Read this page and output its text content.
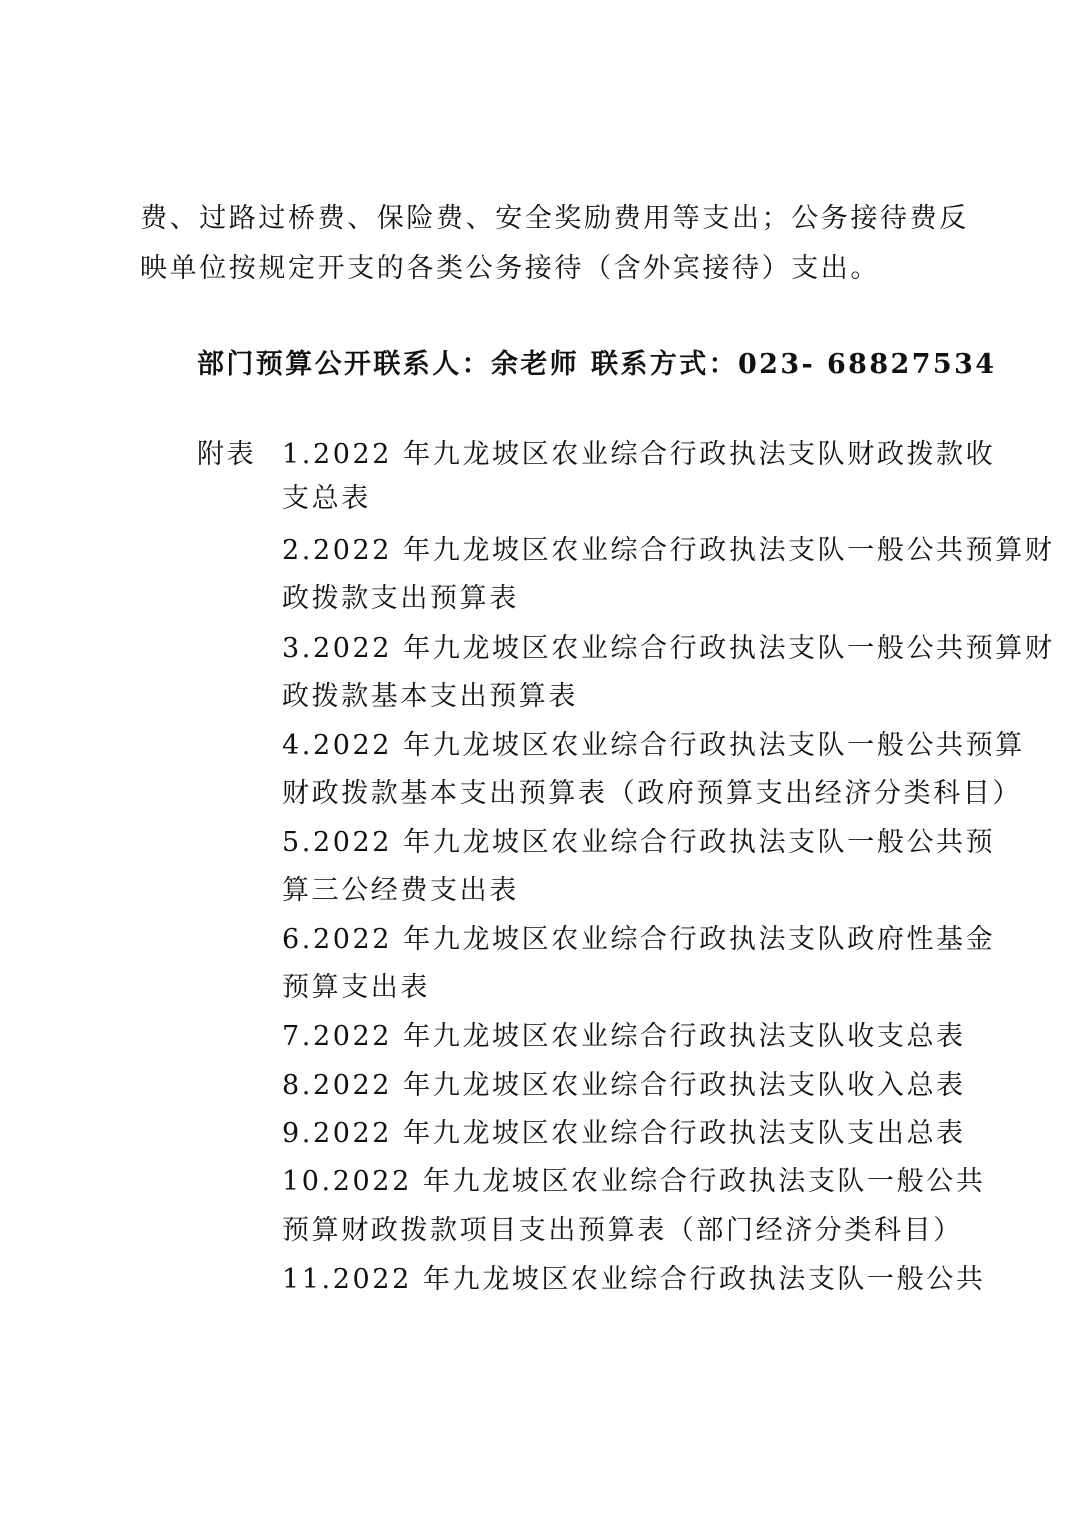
费、过路过桥费、保险费、安全奖励费用等支出；公务接待费反
映单位按规定开支的各类公务接待（含外宾接待）支出。
部门预算公开联系人：余老师 联系方式：023- 68827534
附表 1.2022 年九龙坡区农业综合行政执法支队财政拨款收
支总表
2.2022 年九龙坡区农业综合行政执法支队一般公共预算财
政拨款支出预算表
3.2022 年九龙坡区农业综合行政执法支队一般公共预算财
政拨款基本支出预算表
4.2022 年九龙坡区农业综合行政执法支队一般公共预算
财政拨款基本支出预算表（政府预算支出经济分类科目）
5.2022 年九龙坡区农业综合行政执法支队一般公共预
算三公经费支出表
6.2022 年九龙坡区农业综合行政执法支队政府性基金
预算支出表
7.2022 年九龙坡区农业综合行政执法支队收支总表
8.2022 年九龙坡区农业综合行政执法支队收入总表
9.2022 年九龙坡区农业综合行政执法支队支出总表
10.2022 年九龙坡区农业综合行政执法支队一般公共
预算财政拨款项目支出预算表（部门经济分类科目）
11.2022 年九龙坡区农业综合行政执法支队一般公共
